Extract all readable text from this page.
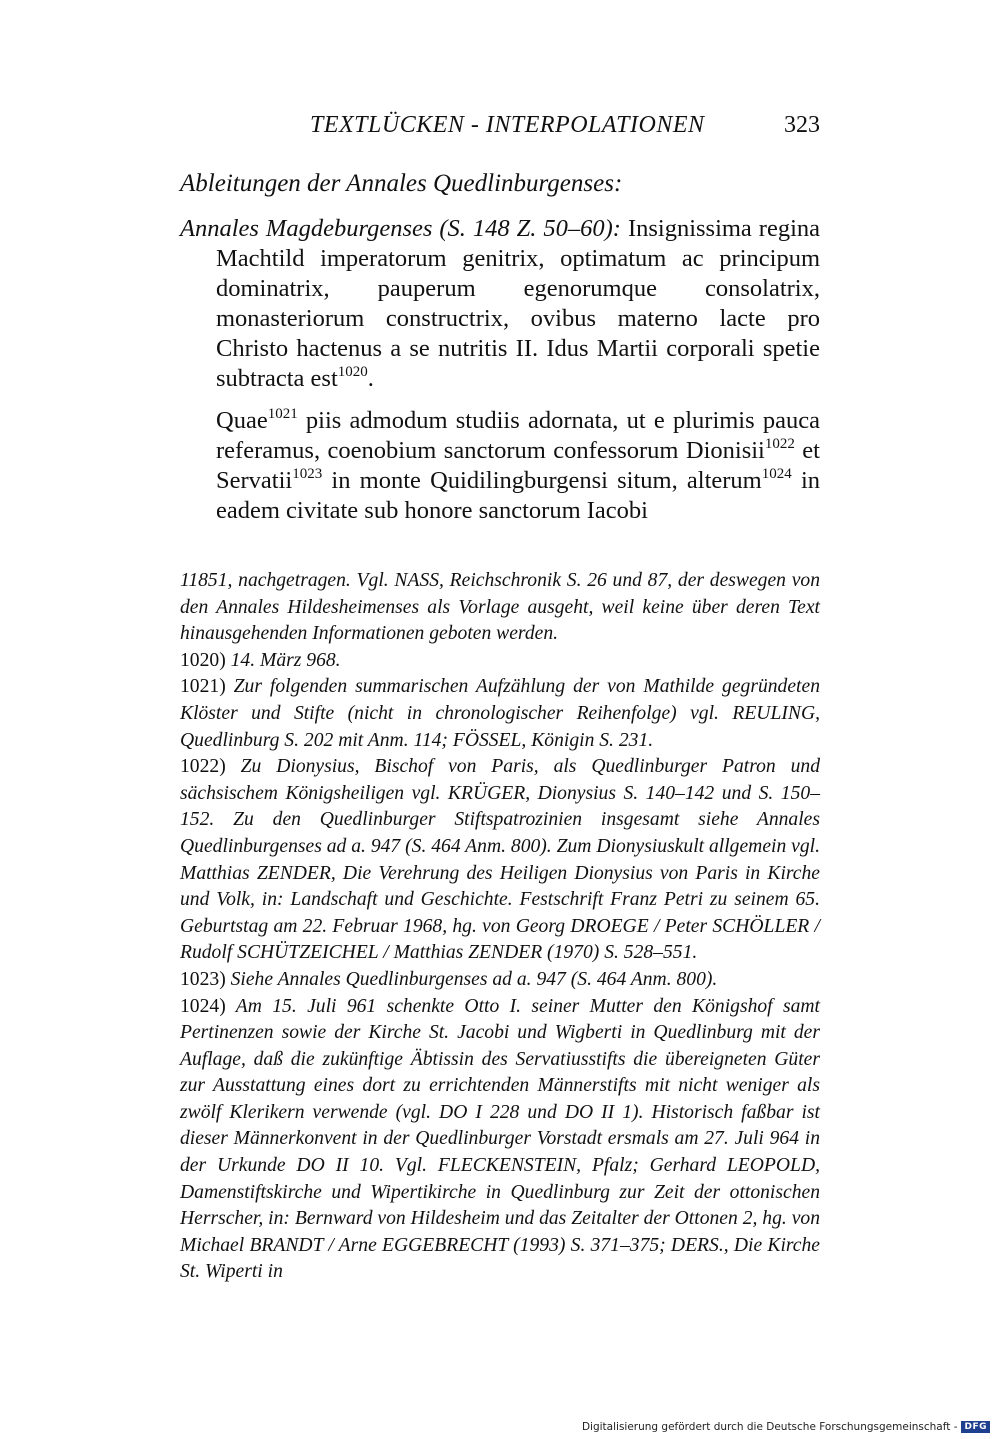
TEXTLÜCKEN - INTERPOLATIONEN	323
Ableitungen der Annales Quedlinburgenses:

Annales Magdeburgenses (S. 148 Z. 50–60): Insignissima regina Machtild imperatorum genitrix, optimatum ac principum dominatrix, pauperum egenorumque consolatrix, monasteriorum constructrix, ovibus materno lacte pro Christo hactenus a se nutritis II. Idus Martii corporali spetie subtracta est$^{1020}$.

Quae$^{1021}$ piis admodum studiis adornata, ut e plurimis pauca referamus, coenobium sanctorum confessorum Dionisii$^{1022}$ et Servatii$^{1023}$ in monte Quidilingburgensi situm, alterum$^{1024}$ in eadem civitate sub honore sanctorum Iacobi

11851, nachgetragen. Vgl. NASS, Reichschronik S. 26 und 87, der deswegen von den Annales Hildesheimenses als Vorlage ausgeht, weil keine über deren Text hinausgehenden Informationen geboten werden.

1020) 14. März 968.

1021) Zur folgenden summarischen Aufzählung der von Mathilde gegründeten Klöster und Stifte (nicht in chronologischer Reihenfolge) vgl. REULING, Quedlinburg S. 202 mit Anm. 114; FÖSSEL, Königin S. 231.

1022) Zu Dionysius, Bischof von Paris, als Quedlinburger Patron und sächsischem Königsheiligen vgl. KRÜGER, Dionysius S. 140–142 und S. 150–152. Zu den Quedlinburger Stiftspatrozinien insgesamt siehe Annales Quedlinburgenses ad a. 947 (S. 464 Anm. 800). Zum Dionysiuskult allgemein vgl. Matthias ZENDER, Die Verehrung des Heiligen Dionysius von Paris in Kirche und Volk, in: Landschaft und Geschichte. Festschrift Franz Petri zu seinem 65. Geburtstag am 22. Februar 1968, hg. von Georg DROEGE / Peter SCHÖLLER / Rudolf SCHÜTZEICHEL / Matthias ZENDER (1970) S. 528–551.

1023) Siehe Annales Quedlinburgenses ad a. 947 (S. 464 Anm. 800).

1024) Am 15. Juli 961 schenkte Otto I. seiner Mutter den Königshof samt Pertinenzen sowie der Kirche St. Jacobi und Wigberti in Quedlinburg mit der Auflage, daß die zukünftige Äbtissin des Servatiusstifts die übereigneten Güter zur Ausstattung eines dort zu errichtenden Männerstifts mit nicht weniger als zwölf Klerikern verwende (vgl. DO I 228 und DO II 1). Historisch faßbar ist dieser Männerkonvent in der Quedlinburger Vorstadt ersmals am 27. Juli 964 in der Urkunde DO II 10. Vgl. FLECKENSTEIN, Pfalz; Gerhard LEOPOLD, Damenstiftskirche und Wipertikirche in Quedlinburg zur Zeit der ottonischen Herrscher, in: Bernward von Hildesheim und das Zeitalter der Ottonen 2, hg. von Michael BRANDT / Arne EGGEBRECHT (1993) S. 371–375; DERS., Die Kirche St. Wiperti in

Digitalisierung gefördert durch die Deutsche Forschungsgemeinschaft - DFG
